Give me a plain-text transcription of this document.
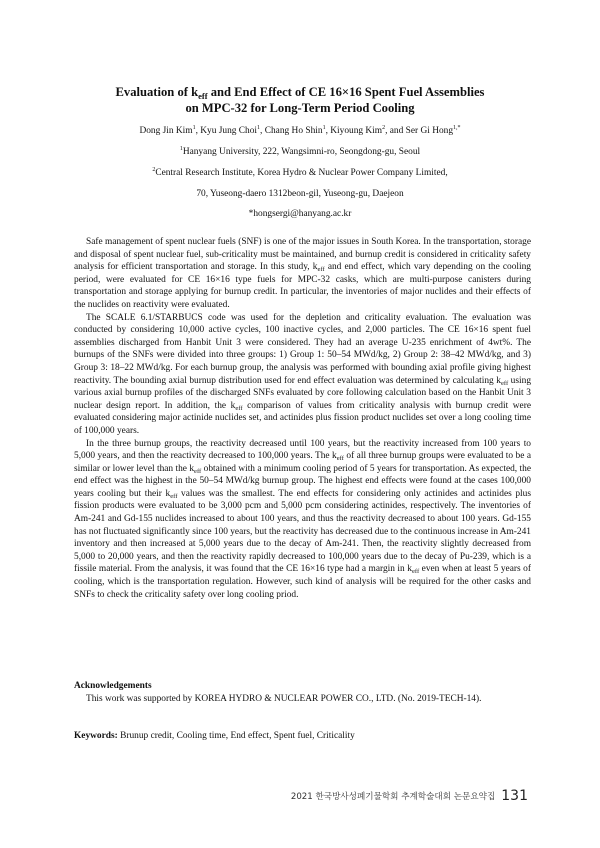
Evaluation of $k_{eff}$ and End Effect of CE 16×16 Spent Fuel Assemblies
on MPC-32 for Long-Term Period Cooling
Dong Jin Kim$^1$, Kyu Jung Choi$^1$, Chang Ho Shin$^1$, Kiyoung Kim$^2$, and Ser Gi Hong$^{1,*}$
$^1$Hanyang University, 222, Wangsimni-ro, Seongdong-gu, Seoul
$^2$Central Research Institute, Korea Hydro & Nuclear Power Company Limited,
70, Yuseong-daero 1312beon-gil, Yuseong-gu, Daejeon
*hongsergi@hanyang.ac.kr

Safe management of spent nuclear fuels (SNF) is one of the major issues in South Korea. In the transportation, storage and disposal of spent nuclear fuel, sub-criticality must be maintained, and burnup credit is considered in criticality safety analysis for efficient transportation and storage. In this study, $k_{eff}$ and end effect, which vary depending on the cooling period, were evaluated for CE 16×16 type fuels for MPC-32 casks, which are multi-purpose canisters during transportation and storage applying for burnup credit. In particular, the inventories of major nuclides and their effects of the nuclides on reactivity were evaluated.

The SCALE 6.1/STARBUCS code was used for the depletion and criticality evaluation. The evaluation was conducted by considering 10,000 active cycles, 100 inactive cycles, and 2,000 particles. The CE 16×16 spent fuel assemblies discharged from Hanbit Unit 3 were considered. They had an average U-235 enrichment of 4wt%. The burnups of the SNFs were divided into three groups: 1) Group 1: 50–54 MWd/kg, 2) Group 2: 38–42 MWd/kg, and 3) Group 3: 18–22 MWd/kg. For each burnup group, the analysis was performed with bounding axial profile giving highest reactivity. The bounding axial burnup distribution used for end effect evaluation was determined by calculating $k_{eff}$ using various axial burnup profiles of the discharged SNFs evaluated by core following calculation based on the Hanbit Unit 3 nuclear design report. In addition, the $k_{eff}$ comparison of values from criticality analysis with burnup credit were evaluated considering major actinide nuclides set, and actinides plus fission product nuclides set over a long cooling time of 100,000 years.

In the three burnup groups, the reactivity decreased until 100 years, but the reactivity increased from 100 years to 5,000 years, and then the reactivity decreased to 100,000 years. The $k_{eff}$ of all three burnup groups were evaluated to be a similar or lower level than the $k_{eff}$ obtained with a minimum cooling period of 5 years for transportation. As expected, the end effect was the highest in the 50–54 MWd/kg burnup group. The highest end effects were found at the cases 100,000 years cooling but their $k_{eff}$ values was the smallest. The end effects for considering only actinides and actinides plus fission products were evaluated to be 3,000 pcm and 5,000 pcm considering actinides, respectively. The inventories of Am-241 and Gd-155 nuclides increased to about 100 years, and thus the reactivity decreased to about 100 years. Gd-155 has not fluctuated significantly since 100 years, but the reactivity has decreased due to the continuous increase in Am-241 inventory and then increased at 5,000 years due to the decay of Am-241. Then, the reactivity slightly decreased from 5,000 to 20,000 years, and then the reactivity rapidly decreased to 100,000 years due to the decay of Pu-239, which is a fissile material. From the analysis, it was found that the CE 16×16 type had a margin in $k_{eff}$ even when at least 5 years of cooling, which is the transportation regulation. However, such kind of analysis will be required for the other casks and SNFs to check the criticality safety over long cooling priod.

Acknowledgements
This work was supported by KOREA HYDRO & NUCLEAR POWER CO., LTD. (No. 2019-TECH-14).
Keywords: Brunup credit, Cooling time, End effect, Spent fuel, Criticality
2021 한국방사성폐기물학회 추계학술대회 논문요약집 131
